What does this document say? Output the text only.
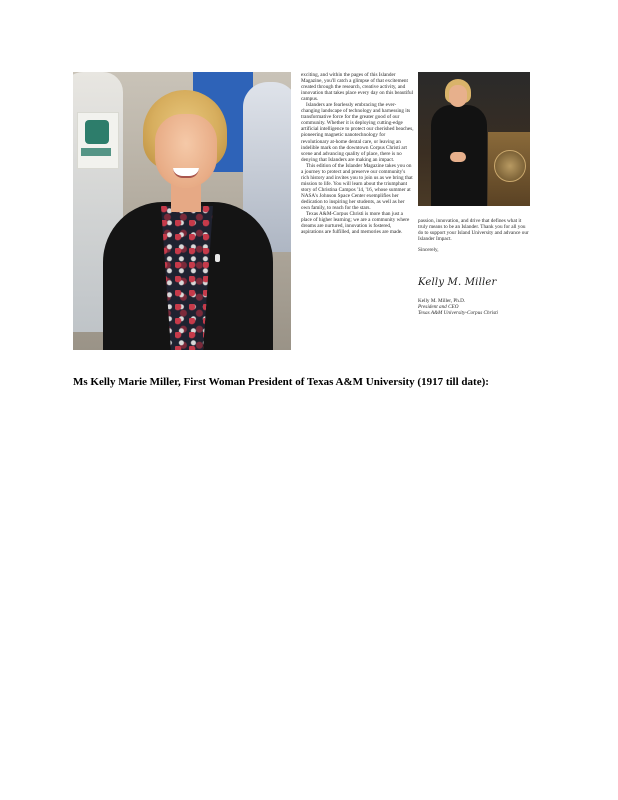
exciting, and within the pages of this Islander Magazine, you'll catch a glimpse of that excitement created through the research, creative activity, and innovation that takes place every day on this beautiful campus.

Islanders are fearlessly embracing the ever-changing landscape of technology and harnessing its transformative force for the greater good of our community. Whether it is deploying cutting-edge artificial intelligence to protect our cherished beaches, pioneering magnetic nanotechnology for revolutionary at-home dental care, or leaving an indelible mark on the downtown Corpus Christi art scene and advancing quality of place, there is no denying that Islanders are making an impact.

This edition of the Islander Magazine takes you on a journey to protect and preserve our community's rich history and invites you to join us as we bring that mission to life. You will learn about the triumphant story of Christina Campos '14, '16, whose summer at NASA's Johnson Space Center exemplifies her dedication to inspiring her students, as well as her own family, to reach for the stars.

Texas A&M-Corpus Christi is more than just a place of higher learning; we are a community where dreams are nurtured, innovation is fostered, aspirations are fulfilled, and memories are made.

passion, innovation, and drive that defines what it truly means to be an Islander. Thank you for all you do to support your Island University and advance our Islander Impact.

Sincerely,

Kelly M. Miller
Kelly M. Miller, Ph.D.
President and CEO
Texas A&M University-Corpus Christi
Ms Kelly Marie Miller, First Woman President of Texas A&M University (1917 till date):
